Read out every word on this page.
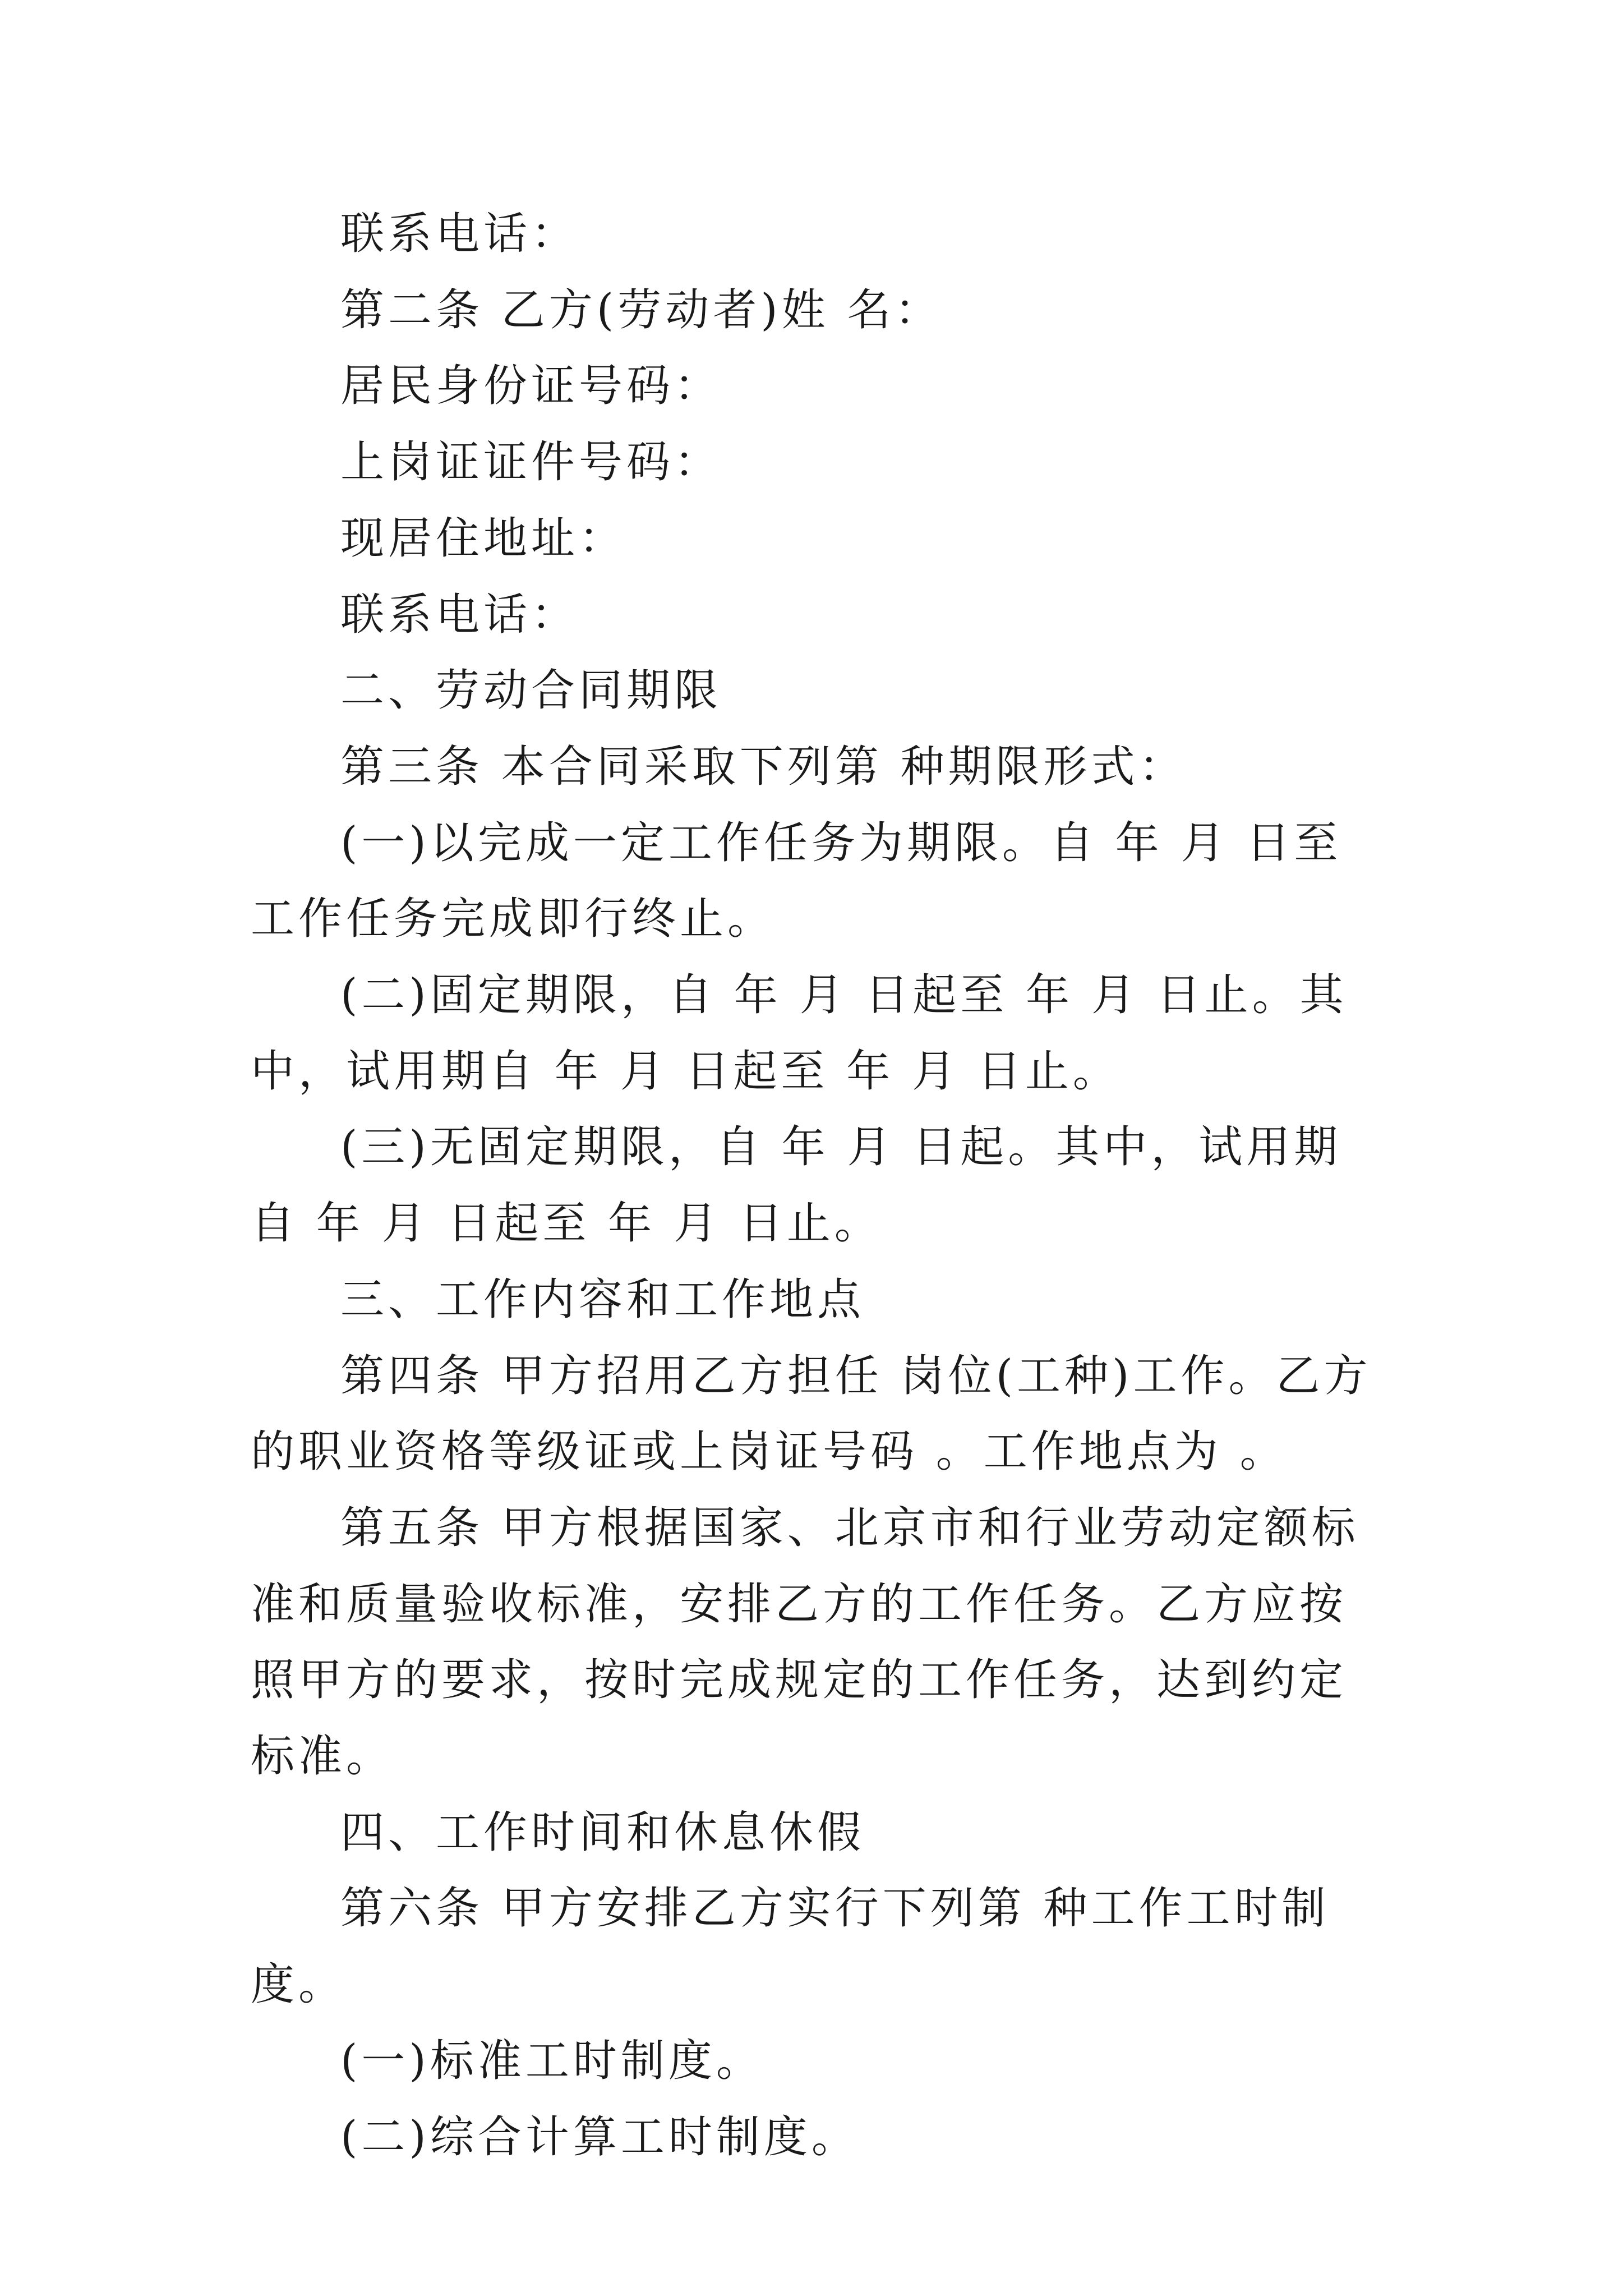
联系电话：

第二条 乙方(劳动者)姓 名：

居民身份证号码：

上岗证证件号码：

现居住地址：

联系电话：

二、劳动合同期限

第三条 本合同采取下列第 种期限形式：

(一)以完成一定工作任务为期限。自 年 月 日至 工作任务完成即行终止。

(二)固定期限，自 年 月 日起至 年 月 日止。其中，试用期自 年 月 日起至 年 月 日止。

(三)无固定期限，自 年 月 日起。其中，试用期自 年 月 日起至 年 月 日止。

三、工作内容和工作地点

第四条 甲方招用乙方担任 岗位(工种)工作。乙方的职业资格等级证或上岗证号码 。工作地点为 。

第五条 甲方根据国家、北京市和行业劳动定额标准和质量验收标准，安排乙方的工作任务。乙方应按照甲方的要求，按时完成规定的工作任务，达到约定标准。

四、工作时间和休息休假

第六条 甲方安排乙方实行下列第 种工作工时制度。

(一)标准工时制度。

(二)综合计算工时制度。
